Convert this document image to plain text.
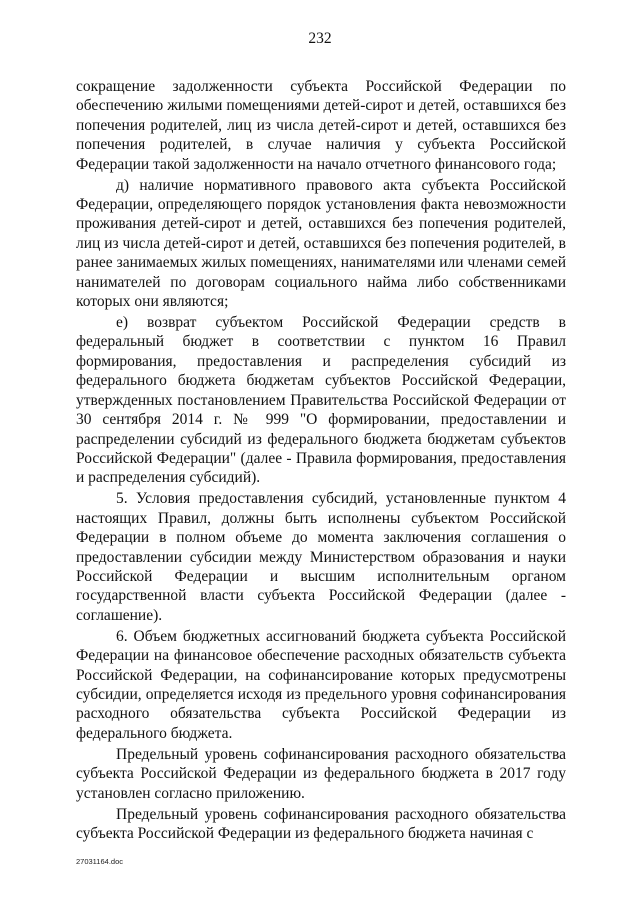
232

сокращение задолженности субъекта Российской Федерации по обеспечению жилыми помещениями детей-сирот и детей, оставшихся без попечения родителей, лиц из числа детей-сирот и детей, оставшихся без попечения родителей, в случае наличия у субъекта Российской Федерации такой задолженности на начало отчетного финансового года;

д) наличие нормативного правового акта субъекта Российской Федерации, определяющего порядок установления факта невозможности проживания детей-сирот и детей, оставшихся без попечения родителей, лиц из числа детей-сирот и детей, оставшихся без попечения родителей, в ранее занимаемых жилых помещениях, нанимателями или членами семей нанимателей по договорам социального найма либо собственниками которых они являются;

е) возврат субъектом Российской Федерации средств в федеральный бюджет в соответствии с пунктом 16 Правил формирования, предоставления и распределения субсидий из федерального бюджета бюджетам субъектов Российской Федерации, утвержденных постановлением Правительства Российской Федерации от 30 сентября 2014 г. № 999 "О формировании, предоставлении и распределении субсидий из федерального бюджета бюджетам субъектов Российской Федерации" (далее - Правила формирования, предоставления и распределения субсидий).

5. Условия предоставления субсидий, установленные пунктом 4 настоящих Правил, должны быть исполнены субъектом Российской Федерации в полном объеме до момента заключения соглашения о предоставлении субсидии между Министерством образования и науки Российской Федерации и высшим исполнительным органом государственной власти субъекта Российской Федерации (далее - соглашение).

6. Объем бюджетных ассигнований бюджета субъекта Российской Федерации на финансовое обеспечение расходных обязательств субъекта Российской Федерации, на софинансирование которых предусмотрены субсидии, определяется исходя из предельного уровня софинансирования расходного обязательства субъекта Российской Федерации из федерального бюджета.

Предельный уровень софинансирования расходного обязательства субъекта Российской Федерации из федерального бюджета в 2017 году установлен согласно приложению.

Предельный уровень софинансирования расходного обязательства субъекта Российской Федерации из федерального бюджета начиная с

27031164.doc
